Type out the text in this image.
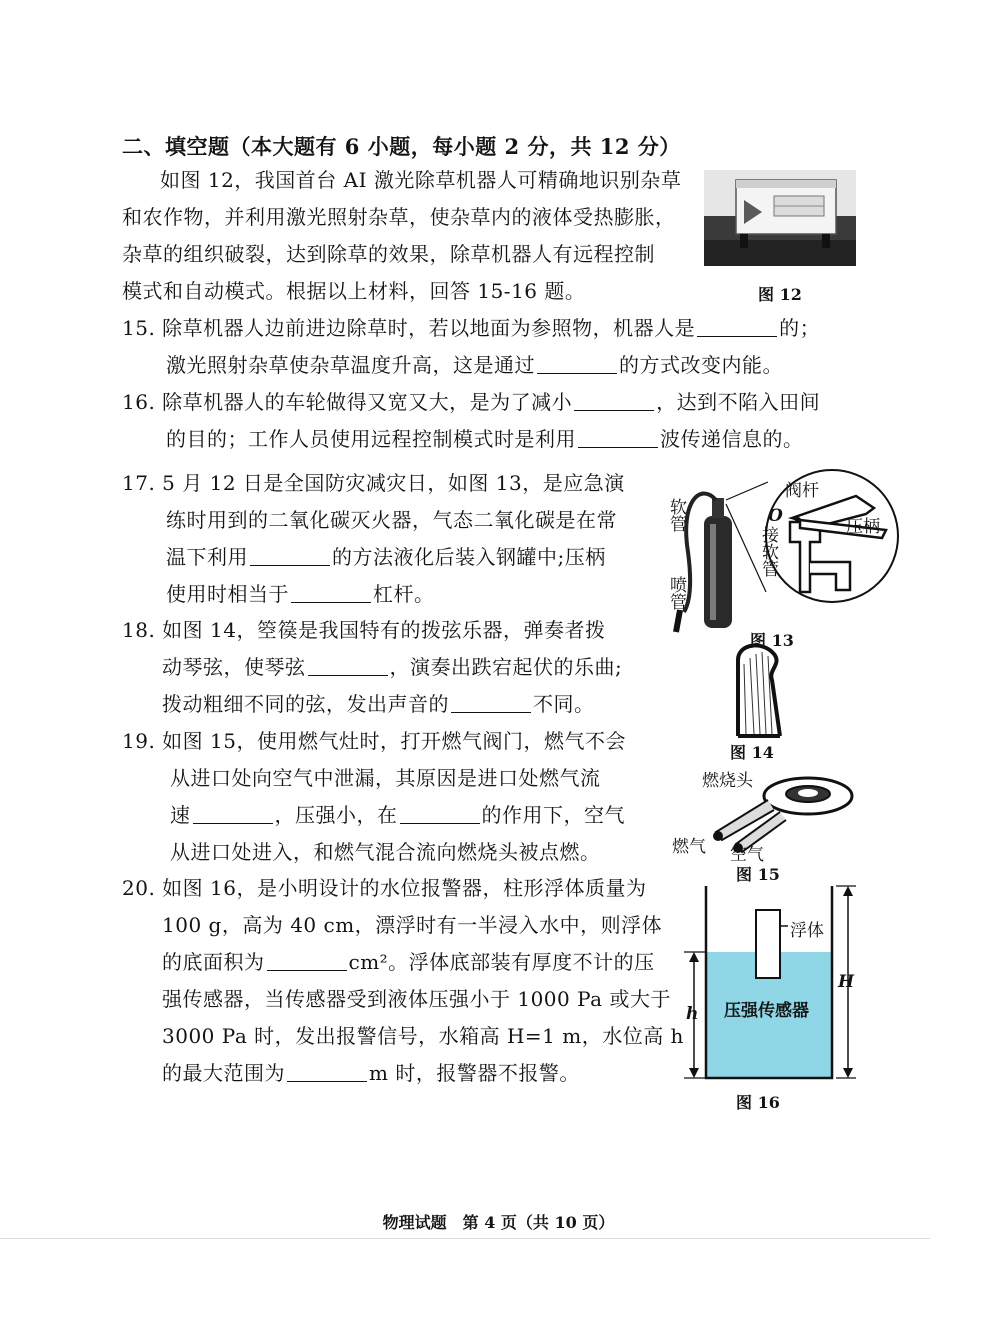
二、填空题（本大题有 6 小题，每小题 2 分，共 12 分）
如图 12，我国首台 AI 激光除草机器人可精确地识别杂草
和农作物，并利用激光照射杂草，使杂草内的液体受热膨胀，
杂草的组织破裂，达到除草的效果，除草机器人有远程控制
模式和自动模式。根据以上材料，回答 15-16 题。	图 12
15. 除草机器人边前进边除草时，若以地面为参照物，机器人是	的；
激光照射杂草使杂草温度升高，这是通过	的方式改变内能。
16. 除草机器人的车轮做得又宽又大，是为了减小	，达到不陷入田间
的目的；工作人员使用远程控制模式时是利用	波传递信息的。
17. 5 月 12 日是全国防灾减灾日，如图 13，是应急演
练时用到的二氧化碳灭火器，气态二氧化碳是在常
温下利用	的方法液化后装入钢罐中;压柄
使用时相当于	杠杆。
阀杆
压柄
软管
喷管
O
接软管
图 13
18. 如图 14，箜篌是我国特有的拨弦乐器，弹奏者拨
动琴弦，使琴弦	，演奏出跌宕起伏的乐曲;
拨动粗细不同的弦，发出声音的	不同。
图 14
19. 如图 15，使用燃气灶时，打开燃气阀门，燃气不会
从进口处向空气中泄漏，其原因是进口处燃气流
速	，压强小，在	的作用下，空气
从进口处进入，和燃气混合流向燃烧头被点燃。
燃烧头
燃气 空气
图 15
20. 如图 16，是小明设计的水位报警器，柱形浮体质量为
100 g，高为 40 cm，漂浮时有一半浸入水中，则浮体
的底面积为	cm²。浮体底部装有厚度不计的压
强传感器，当传感器受到液体压强小于 1000 Pa 或大于
3000 Pa 时，发出报警信号，水箱高 H=1 m，水位高 h
的最大范围为	m 时，报警器不报警。
浮体
压强传感器
H
h
图 16
物理试题　第 4 页（共 10 页）
